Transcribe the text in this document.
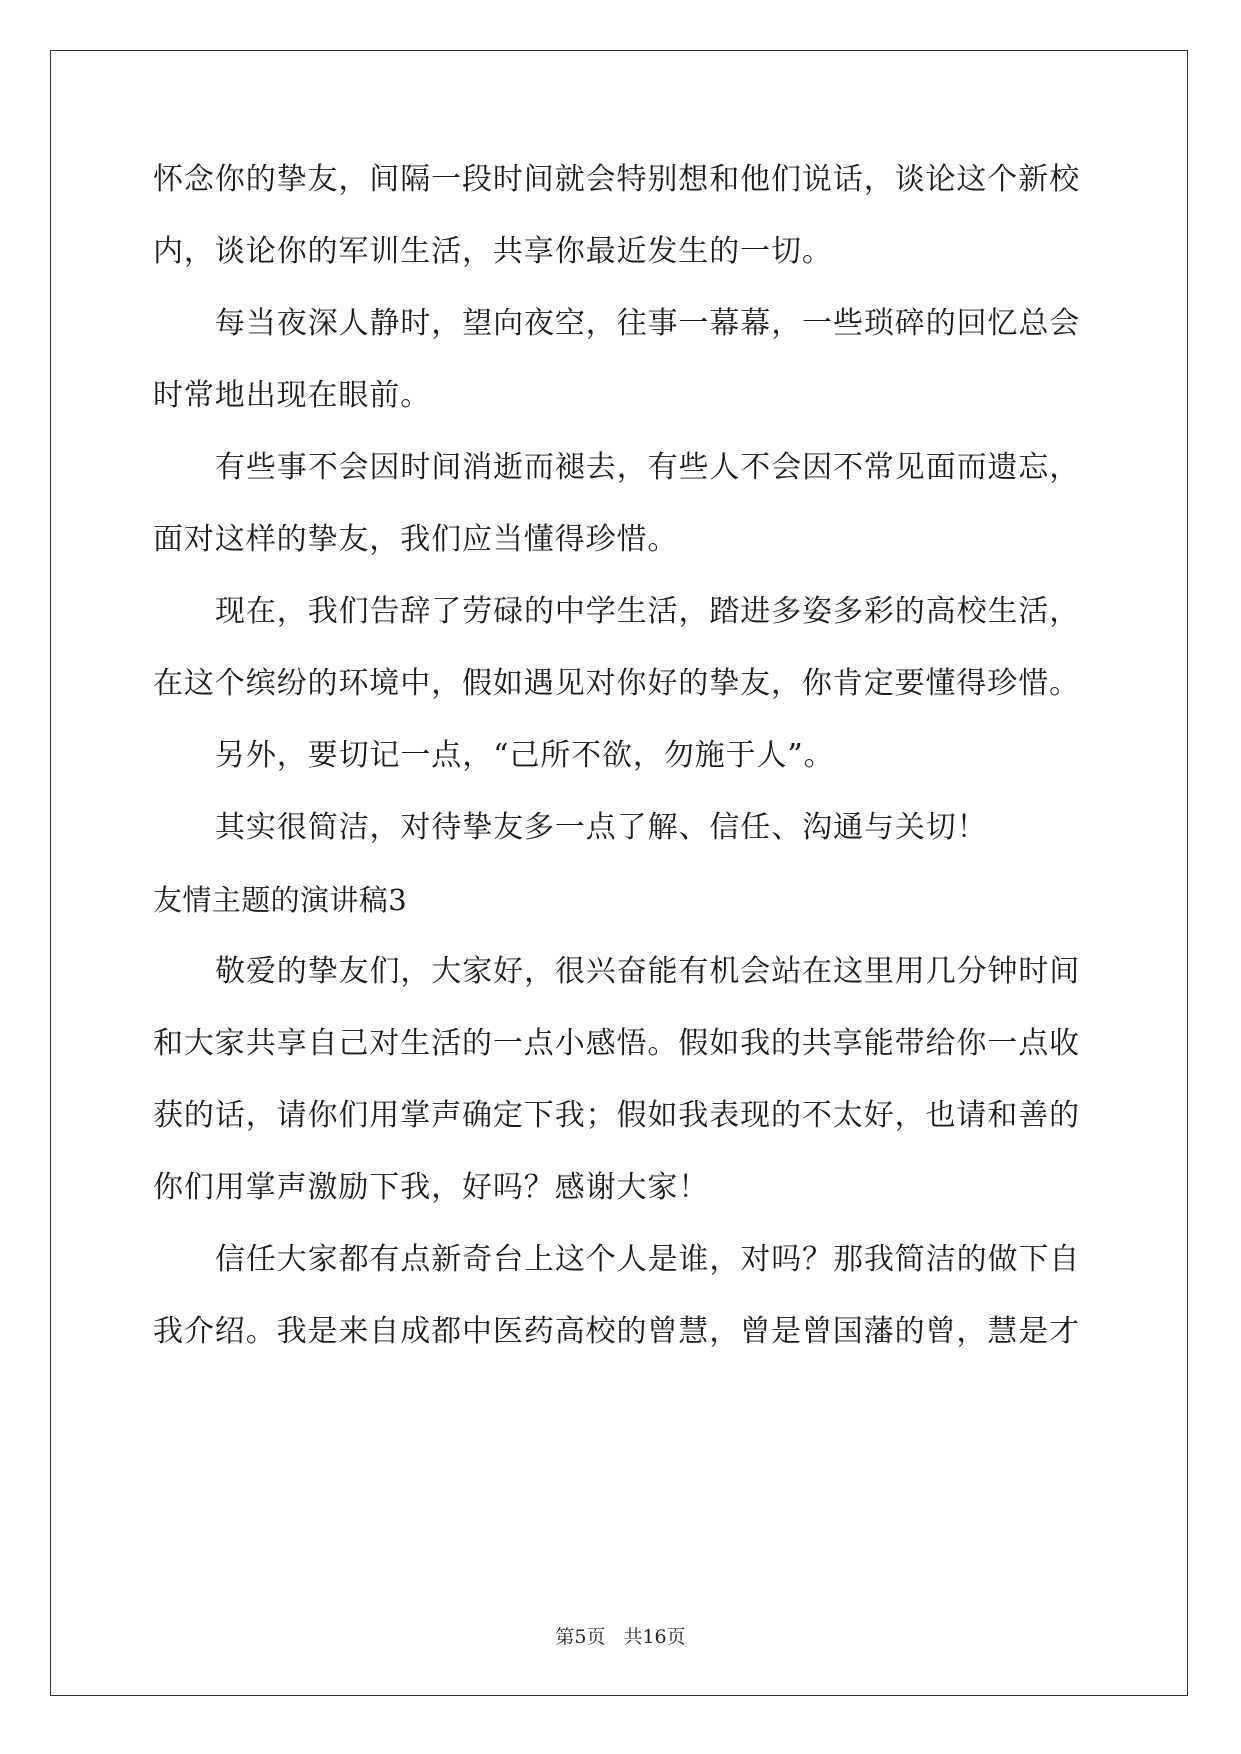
怀念你的挚友，间隔一段时间就会特别想和他们说话，谈论这个新校
内，谈论你的军训生活，共享你最近发生的一切。
每当夜深人静时，望向夜空，往事一幕幕，一些琐碎的回忆总会
时常地出现在眼前。
有些事不会因时间消逝而褪去，有些人不会因不常见面而遗忘，
面对这样的挚友，我们应当懂得珍惜。
现在，我们告辞了劳碌的中学生活，踏进多姿多彩的高校生活，
在这个缤纷的环境中，假如遇见对你好的挚友，你肯定要懂得珍惜。
另外，要切记一点，“己所不欲，勿施于人”。
其实很简洁，对待挚友多一点了解、信任、沟通与关切！
友情主题的演讲稿3
敬爱的挚友们，大家好，很兴奋能有机会站在这里用几分钟时间
和大家共享自己对生活的一点小感悟。假如我的共享能带给你一点收
获的话，请你们用掌声确定下我；假如我表现的不太好，也请和善的
你们用掌声激励下我，好吗？感谢大家！
信任大家都有点新奇台上这个人是谁，对吗？那我简洁的做下自
我介绍。我是来自成都中医药高校的曾慧，曾是曾国藩的曾，慧是才
第5页 共16页
